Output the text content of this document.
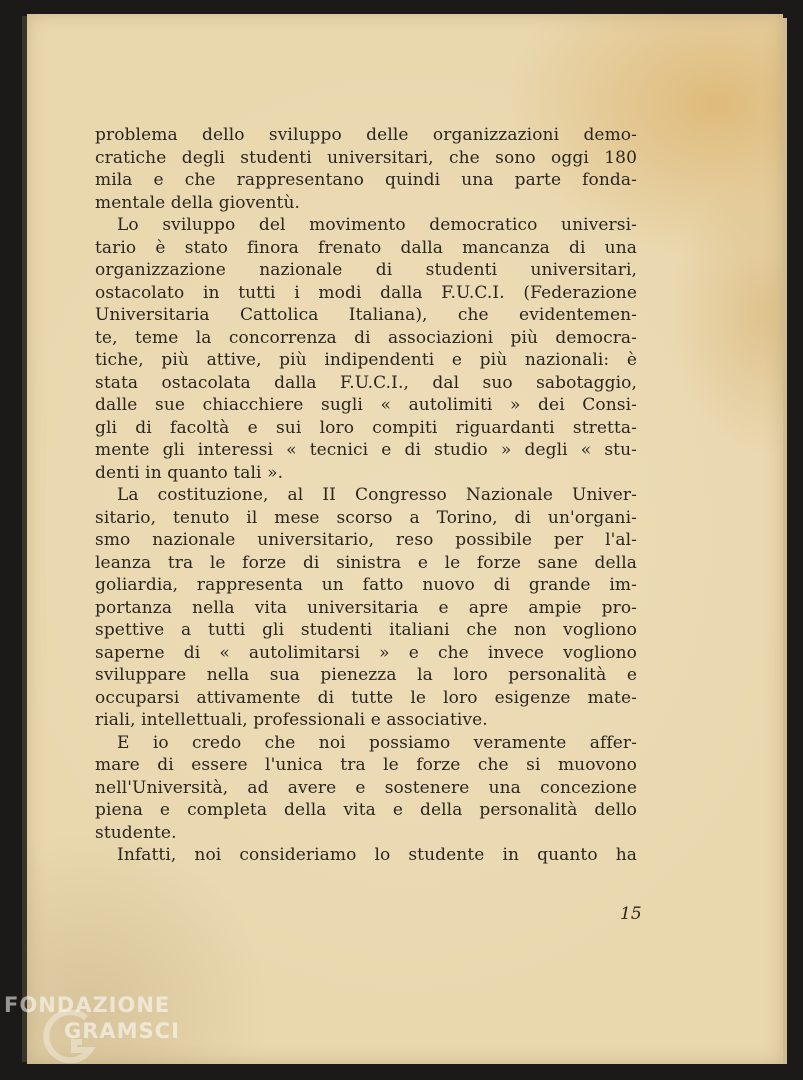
problema dello sviluppo delle organizzazioni demo-
cratiche degli studenti universitari, che sono oggi 180
mila e che rappresentano quindi una parte fonda-
mentale della gioventù.
Lo sviluppo del movimento democratico universi-
tario è stato finora frenato dalla mancanza di una
organizzazione nazionale di studenti universitari,
ostacolato in tutti i modi dalla F.U.C.I. (Federazione
Universitaria Cattolica Italiana), che evidentemen-
te, teme la concorrenza di associazioni più democra-
tiche, più attive, più indipendenti e più nazionali: è
stata ostacolata dalla F.U.C.I., dal suo sabotaggio,
dalle sue chiacchiere sugli « autolimiti » dei Consi-
gli di facoltà e sui loro compiti riguardanti stretta-
mente gli interessi « tecnici e di studio » degli « stu-
denti in quanto tali ».
La costituzione, al II Congresso Nazionale Univer-
sitario, tenuto il mese scorso a Torino, di un'organi-
smo nazionale universitario, reso possibile per l'al-
leanza tra le forze di sinistra e le forze sane della
goliardia, rappresenta un fatto nuovo di grande im-
portanza nella vita universitaria e apre ampie pro-
spettive a tutti gli studenti italiani che non vogliono
saperne di « autolimitarsi » e che invece vogliono
sviluppare nella sua pienezza la loro personalità e
occuparsi attivamente di tutte le loro esigenze mate-
riali, intellettuali, professionali e associative.
E io credo che noi possiamo veramente affer-
mare di essere l'unica tra le forze che si muovono
nell'Università, ad avere e sostenere una concezione
piena e completa della vita e della personalità dello
studente.
Infatti, noi consideriamo lo studente in quanto ha
15
FONDAZIONE
GRAMSCI
